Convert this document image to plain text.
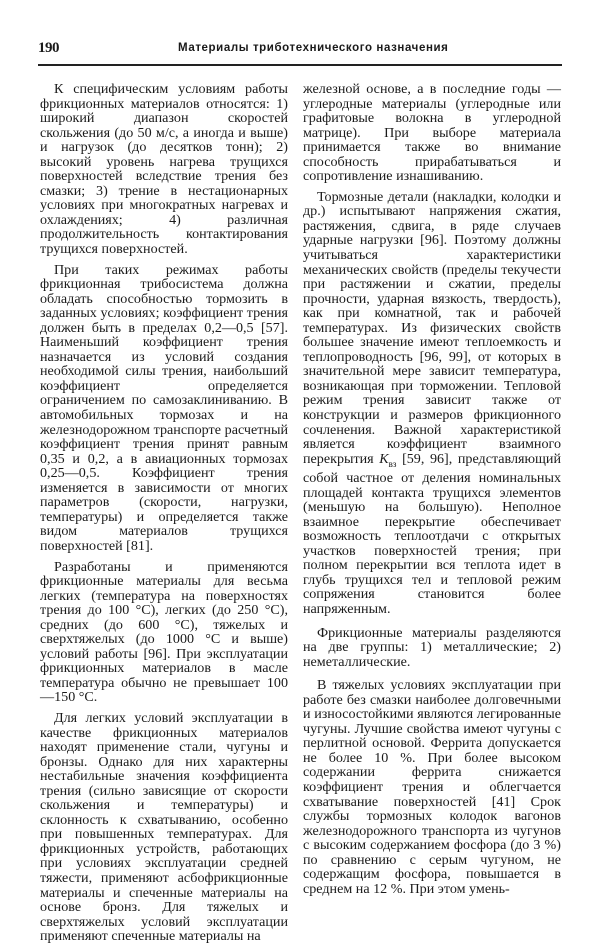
190	Материалы триботехнического назначения

К специфическим условиям работы фрикционных материалов относятся: 1) широкий диапазон скоростей скольжения (до 50 м/с, а иногда и выше) и нагрузок (до десятков тонн); 2) высокий уровень нагрева трущихся поверхностей вследствие трения без смазки; 3) трение в нестационарных условиях при многократных нагревах и охлаждениях; 4) различная продолжительность контактирования трущихся поверхностей.

При таких режимах работы фрикционная трибосистема должна обладать способностью тормозить в заданных условиях; коэффициент трения должен быть в пределах 0,2—0,5 [57]. Наименьший коэффициент трения назначается из условий создания необходимой силы трения, наибольший коэффициент определяется ограничением по самозаклиниванию. В автомобильных тормозах и на железнодорожном транспорте расчетный коэффициент трения принят равным 0,35 и 0,2, а в авиационных тормозах 0,25—0,5. Коэффициент трения изменяется в зависимости от многих параметров (скорости, нагрузки, температуры) и определяется также видом материалов трущихся поверхностей [81].

Разработаны и применяются фрикционные материалы для весьма легких (температура на поверхностях трения до 100 °С), легких (до 250 °С), средних (до 600 °С), тяжелых и сверхтяжелых (до 1000 °С и выше) условий работы [96]. При эксплуатации фрикционных материалов в масле температура обычно не превышает 100—150 °С.

Для легких условий эксплуатации в качестве фрикционных материалов находят применение стали, чугуны и бронзы. Однако для них характерны нестабильные значения коэффициента трения (сильно зависящие от скорости скольжения и температуры) и склонность к схватыванию, особенно при повышенных температурах. Для фрикционных устройств, работающих при условиях эксплуатации средней тяжести, применяют асбофрикционные материалы и спеченные материалы на основе бронз. Для тяжелых и сверхтяжелых условий эксплуатации применяют спеченные материалы на

железной основе, а в последние годы — углеродные материалы (углеродные или графитовые волокна в углеродной матрице). При выборе материала принимается также во внимание способность прирабатываться и сопротивление изнашиванию.

Тормозные детали (накладки, колодки и др.) испытывают напряжения сжатия, растяжения, сдвига, в ряде случаев ударные нагрузки [96]. Поэтому должны учитываться характеристики механических свойств (пределы текучести при растяжении и сжатии, пределы прочности, ударная вязкость, твердость), как при комнатной, так и рабочей температурах. Из физических свойств большее значение имеют теплоемкость и теплопроводность [96, 99], от которых в значительной мере зависит температура, возникающая при торможении. Тепловой режим трения зависит также от конструкции и размеров фрикционного сочленения. Важной характеристикой является коэффициент взаимного перекрытия $K_{вз}$ [59, 96], представляющий собой частное от деления номинальных площадей контакта трущихся элементов (меньшую на большую). Неполное взаимное перекрытие обеспечивает возможность теплоотдачи с открытых участков поверхностей трения; при полном перекрытии вся теплота идет в глубь трущихся тел и тепловой режим сопряжения становится более напряженным.

Фрикционные материалы разделяются на две группы: 1) металлические; 2) неметаллические.

В тяжелых условиях эксплуатации при работе без смазки наиболее долговечными и износостойкими являются легированные чугуны. Лучшие свойства имеют чугуны с перлитной основой. Феррита допускается не более 10 %. При более высоком содержании феррита снижается коэффициент трения и облегчается схватывание поверхностей [41] Срок службы тормозных колодок вагонов железнодорожного транспорта из чугунов с высоким содержанием фосфора (до 3 %) по сравнению с серым чугуном, не содержащим фосфора, повышается в среднем на 12 %. При этом умень-
